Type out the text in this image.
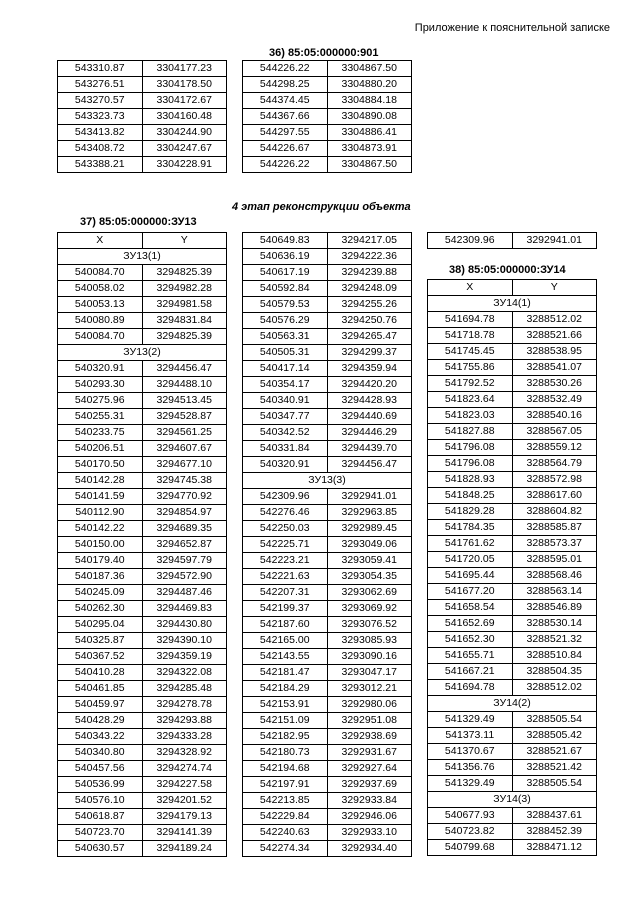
Приложение к пояснительной записке
543310.87	3304177.23
543276.51	3304178.50
543270.57	3304172.67
543323.73	3304160.48
543413.82	3304244.90
543408.72	3304247.67
543388.21	3304228.91
36) 85:05:000000:901
544226.22	3304867.50
544298.25	3304880.20
544374.45	3304884.18
544367.66	3304890.08
544297.55	3304886.41
544226.67	3304873.91
544226.22	3304867.50
4 этап реконструкции объекта
37) 85:05:000000:ЗУ13
X	Y
ЗУ13(1)	
540084.70	3294825.39
540058.02	3294982.28
540053.13	3294981.58
540080.89	3294831.84
540084.70	3294825.39
ЗУ13(2)	
540320.91	3294456.47
540293.30	3294488.10
540275.96	3294513.45
540255.31	3294528.87
540233.75	3294561.25
540206.51	3294607.67
540170.50	3294677.10
540142.28	3294745.38
540141.59	3294770.92
540112.90	3294854.97
540142.22	3294689.35
540150.00	3294652.87
540179.40	3294597.79
540187.36	3294572.90
540245.09	3294487.46
540262.30	3294469.83
540295.04	3294430.80
540325.87	3294390.10
540367.52	3294359.19
540410.28	3294322.08
540461.85	3294285.48
540459.97	3294278.78
540428.29	3294293.88
540343.22	3294333.28
540340.80	3294328.92
540457.56	3294274.74
540536.99	3294227.58
540576.10	3294201.52
540618.87	3294179.13
540723.70	3294141.39
540630.57	3294189.24
540649.83	3294217.05
540636.19	3294222.36
540617.19	3294239.88
540592.84	3294248.09
540579.53	3294255.26
540576.29	3294250.76
540563.31	3294265.47
540505.31	3294299.37
540417.14	3294359.94
540354.17	3294420.20
540340.91	3294428.93
540347.77	3294440.69
540342.52	3294446.29
540331.84	3294439.70
540320.91	3294456.47
ЗУ13(3)	
542309.96	3292941.01
542276.46	3292963.85
542250.03	3292989.45
542225.71	3293049.06
542223.21	3293059.41
542221.63	3293054.35
542207.31	3293062.69
542199.37	3293069.92
542187.60	3293076.52
542165.00	3293085.93
542143.55	3293090.16
542181.47	3293047.17
542184.29	3293012.21
542153.91	3292980.06
542151.09	3292951.08
542182.95	3292938.69
542180.73	3292931.67
542194.68	3292927.64
542197.91	3292937.69
542213.85	3292933.84
542229.84	3292946.06
542240.63	3292933.10
542274.34	3292934.40
542309.96	3292941.01
38) 85:05:000000:ЗУ14
X	Y
ЗУ14(1)	
541694.78	3288512.02
541718.78	3288521.66
541745.45	3288538.95
541755.86	3288541.07
541792.52	3288530.26
541823.64	3288532.49
541823.03	3288540.16
541827.88	3288567.05
541796.08	3288559.12
541796.08	3288564.79
541828.93	3288572.98
541848.25	3288617.60
541829.28	3288604.82
541784.35	3288585.87
541761.62	3288573.37
541720.05	3288595.01
541695.44	3288568.46
541677.20	3288563.14
541658.54	3288546.89
541652.69	3288530.14
541652.30	3288521.32
541655.71	3288510.84
541667.21	3288504.35
541694.78	3288512.02
ЗУ14(2)	
541329.49	3288505.54
541373.11	3288505.42
541370.67	3288521.67
541356.76	3288521.42
541329.49	3288505.54
ЗУ14(3)	
540677.93	3288437.61
540723.82	3288452.39
540799.68	3288471.12
